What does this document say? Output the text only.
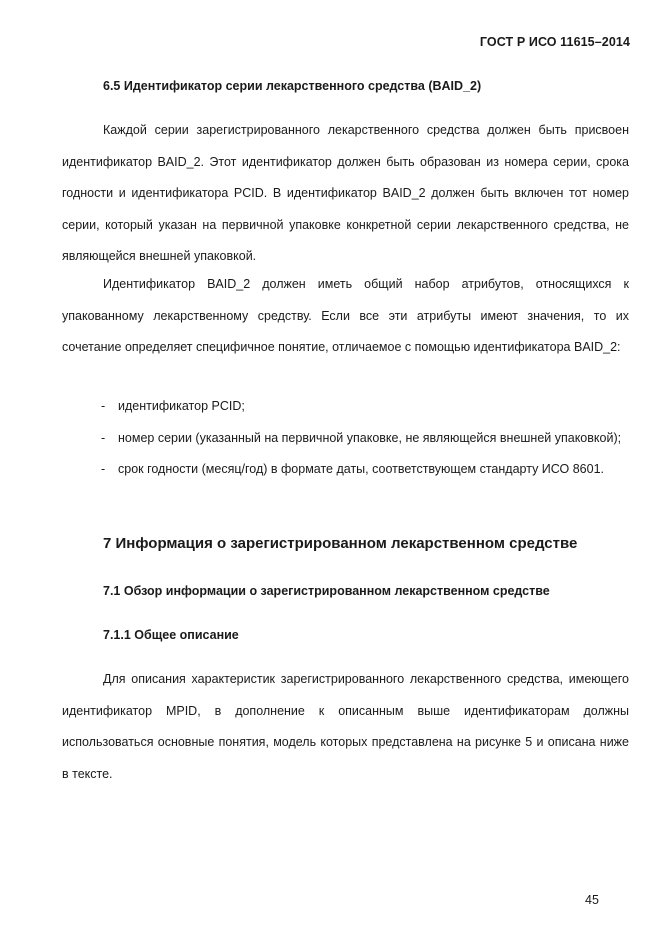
ГОСТ Р ИСО 11615–2014
6.5 Идентификатор серии лекарственного средства (BAID_2)

Каждой серии зарегистрированного лекарственного средства должен быть присвоен идентификатор BAID_2. Этот идентификатор должен быть образован из номера серии, срока годности и идентификатора PCID. В идентификатор BAID_2 должен быть включен тот номер серии, который указан на первичной упаковке конкретной серии лекарственного средства, не являющейся внешней упаковкой.

Идентификатор BAID_2 должен иметь общий набор атрибутов, относящихся к упакованному лекарственному средству. Если все эти атрибуты имеют значения, то их сочетание определяет специфичное понятие, отличаемое с помощью идентификатора BAID_2:

- идентификатор PCID;
- номер серии (указанный на первичной упаковке, не являющейся внешней упаковкой);
- срок годности (месяц/год) в формате даты, соответствующем стандарту ИСО 8601.
7 Информация о зарегистрированном лекарственном средстве
7.1 Обзор информации о зарегистрированном лекарственном средстве
7.1.1 Общее описание

Для описания характеристик зарегистрированного лекарственного средства, имеющего идентификатор MPID, в дополнение к описанным выше идентификаторам должны использоваться основные понятия, модель которых представлена на рисунке 5 и описана ниже в тексте.

45
